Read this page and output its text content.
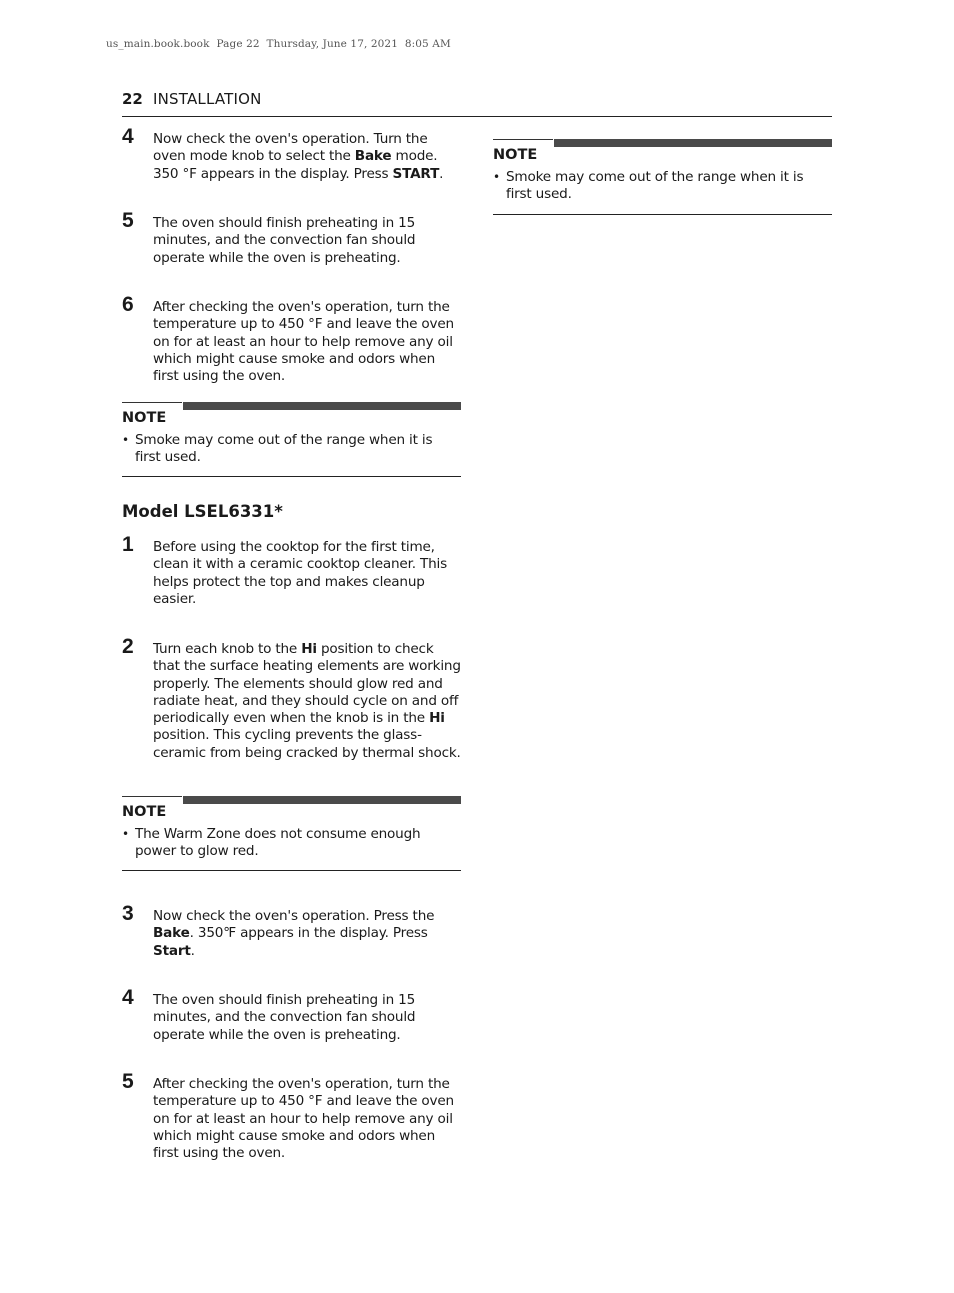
us_main.book.book  Page 22  Thursday, June 17, 2021  8:05 AM
22 INSTALLATION
4 Now check the oven's operation. Turn the oven mode knob to select the Bake mode. 350 °F appears in the display. Press START.
5 The oven should finish preheating in 15 minutes, and the convection fan should operate while the oven is preheating.
6 After checking the oven's operation, turn the temperature up to 450 °F and leave the oven on for at least an hour to help remove any oil which might cause smoke and odors when first using the oven.
NOTE
• Smoke may come out of the range when it is first used.
Model LSEL6331*
1 Before using the cooktop for the first time, clean it with a ceramic cooktop cleaner. This helps protect the top and makes cleanup easier.
2 Turn each knob to the Hi position to check that the surface heating elements are working properly. The elements should glow red and radiate heat, and they should cycle on and off periodically even when the knob is in the Hi position. This cycling prevents the glass-ceramic from being cracked by thermal shock.
NOTE
• The Warm Zone does not consume enough power to glow red.
3 Now check the oven's operation. Press the Bake. 350℉ appears in the display. Press Start.
4 The oven should finish preheating in 15 minutes, and the convection fan should operate while the oven is preheating.
5 After checking the oven's operation, turn the temperature up to 450 °F and leave the oven on for at least an hour to help remove any oil which might cause smoke and odors when first using the oven.
NOTE
• Smoke may come out of the range when it is first used.
